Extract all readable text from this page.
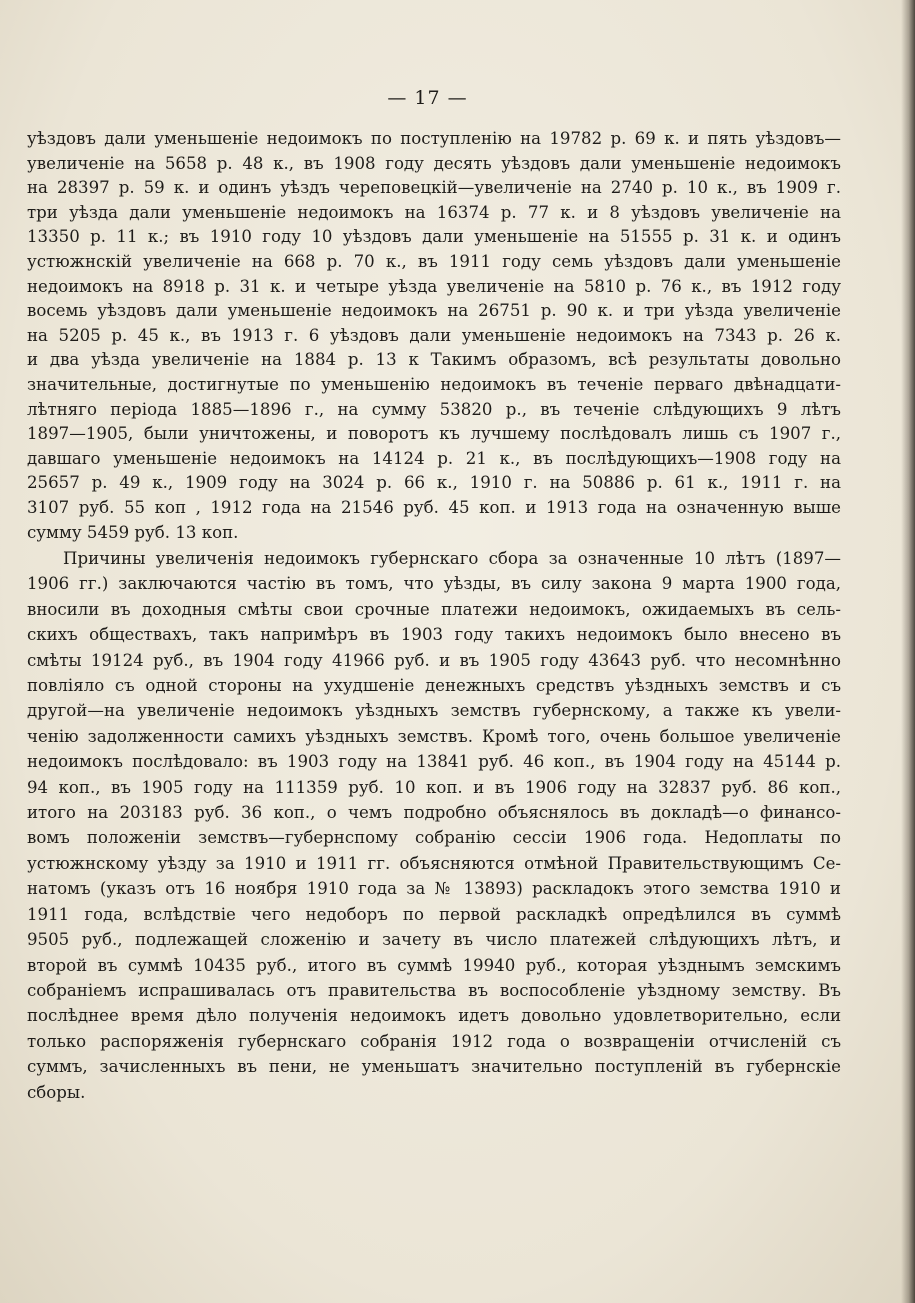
— 17 —
уѣздовъ дали уменьшеніе недоимокъ по поступленію на 19782 р. 69 к. и пять уѣздовъ—
увеличеніе на 5658 р. 48 к., въ 1908 году десять уѣздовъ дали уменьшеніе недоимокъ
на 28397 р. 59 к. и одинъ уѣздъ череповецкій—увеличеніе на 2740 р. 10 к., въ 1909 г.
три уѣзда дали уменьшеніе недоимокъ на 16374 р. 77 к. и 8 уѣздовъ увеличеніе на
13350 р. 11 к.; въ 1910 году 10 уѣздовъ дали уменьшеніе на 51555 р. 31 к. и одинъ
устюжнскій увеличеніе на 668 р. 70 к., въ 1911 году семь уѣздовъ дали уменьшеніе
недоимокъ на 8918 р. 31 к. и четыре уѣзда увеличеніе на 5810 р. 76 к., въ 1912 году
восемь уѣздовъ дали уменьшеніе недоимокъ на 26751 р. 90 к. и три уѣзда увеличеніе
на 5205 р. 45 к., въ 1913 г. 6 уѣздовъ дали уменьшеніе недоимокъ на 7343 р. 26 к.
и два уѣзда увеличеніе на 1884 р. 13 к Такимъ образомъ, всѣ результаты довольно
значительные, достигнутые по уменьшенію недоимокъ въ теченіе перваго двѣнадцати-
лѣтняго періода 1885—1896 г., на сумму 53820 р., въ теченіе слѣдующихъ 9 лѣтъ
1897—1905, были уничтожены, и поворотъ къ лучшему послѣдовалъ лишь съ 1907 г.,
давшаго уменьшеніе недоимокъ на 14124 р. 21 к., въ послѣдующихъ—1908 году на
25657 р. 49 к., 1909 году на 3024 р. 66 к., 1910 г. на 50886 р. 61 к., 1911 г. на
3107 руб. 55 коп , 1912 года на 21546 руб. 45 коп. и 1913 года на означенную выше
сумму 5459 руб. 13 коп.
Причины увеличенія недоимокъ губернскаго сбора за означенные 10 лѣтъ (1897—
1906 гг.) заключаются частію въ томъ, что уѣзды, въ силу закона 9 марта 1900 года,
вносили въ доходныя смѣты свои срочные платежи недоимокъ, ожидаемыхъ въ сель-
скихъ обществахъ, такъ напримѣръ въ 1903 году такихъ недоимокъ было внесено въ
смѣты 19124 руб., въ 1904 году 41966 руб. и въ 1905 году 43643 руб. что несомнѣнно
повліяло съ одной стороны на ухудшеніе денежныхъ средствъ уѣздныхъ земствъ и съ
другой—на увеличеніе недоимокъ уѣздныхъ земствъ губернскому, а также къ увели-
ченію задолженности самихъ уѣздныхъ земствъ. Кромѣ того, очень большое увеличеніе
недоимокъ послѣдовало: въ 1903 году на 13841 руб. 46 коп., въ 1904 году на 45144 р.
94 коп., въ 1905 году на 111359 руб. 10 коп. и въ 1906 году на 32837 руб. 86 коп.,
итого на 203183 руб. 36 коп., о чемъ подробно объяснялось въ докладѣ—о финансо-
вомъ положеніи земствъ—губернспому собранію сессіи 1906 года. Недоплаты по
устюжнскому уѣзду за 1910 и 1911 гг. объясняются отмѣной Правительствующимъ Се-
натомъ (указъ отъ 16 ноября 1910 года за № 13893) раскладокъ этого земства 1910 и
1911 года, вслѣдствіе чего недоборъ по первой раскладкѣ опредѣлился въ суммѣ
9505 руб., подлежащей сложенію и зачету въ число платежей слѣдующихъ лѣтъ, и
второй въ суммѣ 10435 руб., итого въ суммѣ 19940 руб., которая уѣзднымъ земскимъ
собраніемъ испрашивалась отъ правительства въ воспособленіе уѣздному земству. Въ
послѣднее время дѣло полученія недоимокъ идетъ довольно удовлетворительно, если
только распоряженія губернскаго собранія 1912 года о возвращеніи отчисленій съ
суммъ, зачисленныхъ въ пени, не уменьшатъ значительно поступленій въ губернскіе
сборы.
